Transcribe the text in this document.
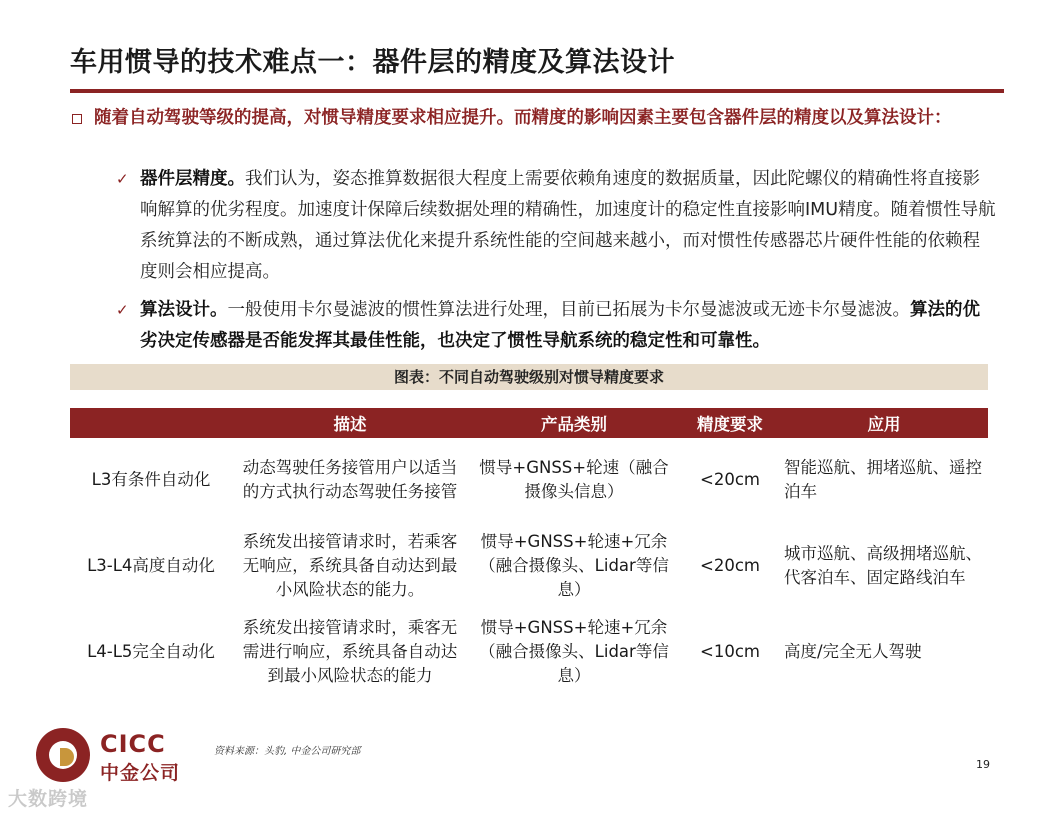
车用惯导的技术难点一：器件层的精度及算法设计
随着自动驾驶等级的提高，对惯导精度要求相应提升。而精度的影响因素主要包含器件层的精度以及算法设计：
✓ 器件层精度。我们认为，姿态推算数据很大程度上需要依赖角速度的数据质量，因此陀螺仪的精确性将直接影响解算的优劣程度。加速度计保障后续数据处理的精确性，加速度计的稳定性直接影响IMU精度。随着惯性导航系统算法的不断成熟，通过算法优化来提升系统性能的空间越来越小，而对惯性传感器芯片硬件性能的依赖程度则会相应提高。
✓ 算法设计。一般使用卡尔曼滤波的惯性算法进行处理，目前已拓展为卡尔曼滤波或无迹卡尔曼滤波。算法的优劣决定传感器是否能发挥其最佳性能，也决定了惯性导航系统的稳定性和可靠性。
图表：不同自动驾驶级别对惯导精度要求
	描述	产品类别	精度要求	应用
L3有条件自动化	动态驾驶任务接管用户以适当的方式执行动态驾驶任务接管	惯导+GNSS+轮速（融合摄像头信息）	<20cm	智能巡航、拥堵巡航、遥控泊车
L3-L4高度自动化	系统发出接管请求时，若乘客无响应，系统具备自动达到最小风险状态的能力。	惯导+GNSS+轮速+冗余（融合摄像头、Lidar等信息）	<20cm	城市巡航、高级拥堵巡航、代客泊车、固定路线泊车
L4-L5完全自动化	系统发出接管请求时，乘客无需进行响应，系统具备自动达到最小风险状态的能力	惯导+GNSS+轮速+冗余（融合摄像头、Lidar等信息）	<10cm	高度/完全无人驾驶
CICC
中金公司
资料来源：头豹, 中金公司研究部
19
大数跨境
